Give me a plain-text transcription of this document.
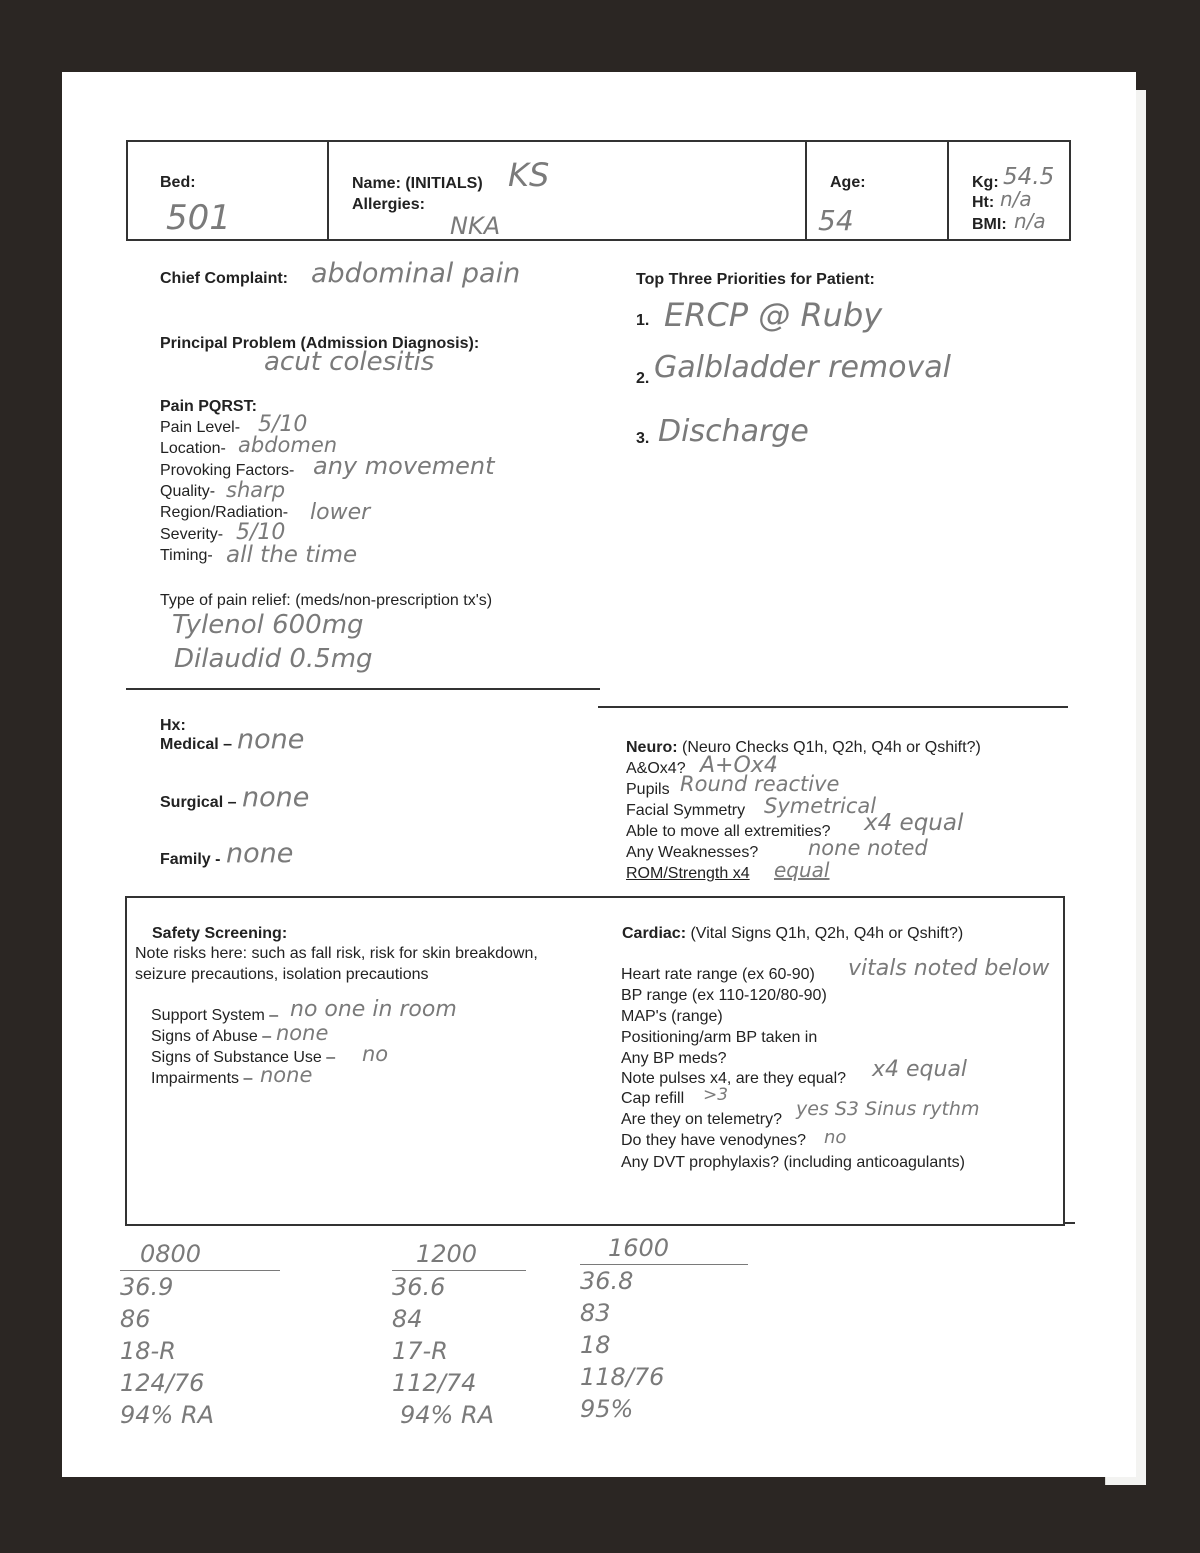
Bed:
501
Name: (INITIALS) KS
Allergies:
NKA
Age:
54
Kg: 54.5
Ht: n/a
BMI: n/a
Chief Complaint: abdominal pain
Principal Problem (Admission Diagnosis):
acut colesitis
Top Three Priorities for Patient:
1. ERCP @ Ruby
2. Galbladder removal
3. Discharge
Pain PQRST:
Pain Level- 5/10
Location- abdomen
Provoking Factors- any movement
Quality- sharp
Region/Radiation- lower
Severity- 5/10
Timing- all the time
Type of pain relief: (meds/non-prescription tx's)
Tylenol 600mg
Dilaudid 0.5mg
Hx:
Medical – none
Surgical – none
Family - none
Neuro: (Neuro Checks Q1h, Q2h, Q4h or Qshift?)
A&Ox4? A+Ox4
Pupils Round reactive
Facial Symmetry Symetrical
Able to move all extremities? x4 equal
Any Weaknesses? none noted
ROM/Strength x4 equal
Safety Screening:
Note risks here: such as fall risk, risk for skin breakdown,
seizure precautions, isolation precautions
Support System – no one in room
Signs of Abuse – none
Signs of Substance Use – no
Impairments – none
Cardiac: (Vital Signs Q1h, Q2h, Q4h or Qshift?)
Heart rate range (ex 60-90) vitals noted below
BP range (ex 110-120/80-90)
MAP's (range)
Positioning/arm BP taken in
Any BP meds?
Note pulses x4, are they equal? x4 equal
Cap refill >3
Are they on telemetry? yes S3 Sinus rythm
Do they have venodynes? no
Any DVT prophylaxis? (including anticoagulants)
0800
36.9
86
18-R
124/76
94% RA
1200
36.6
84
17-R
112/74
94% RA
1600
36.8
83
18
118/76
95%
